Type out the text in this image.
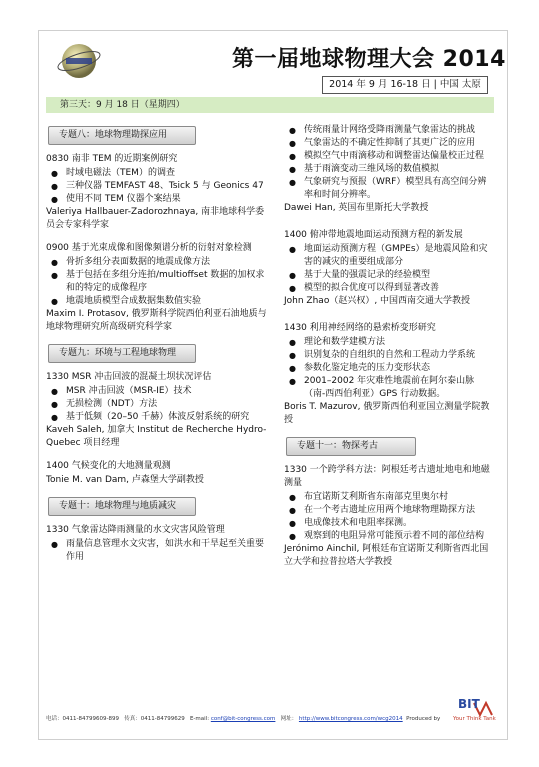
第一届地球物理大会 2014
2014 年 9 月 16-18 日 | 中国 太原
第三天：9 月 18 日（星期四）
专题八：地球物理勘探应用
0830 南非 TEM 的近期案例研究
● 时域电磁法（TEM）的调查
● 三种仪器 TEMFAST 48、Tsick 5 与 Geonics 47
● 使用不同 TEM 仪器个案结果
Valeriya Hallbauer-Zadorozhnaya, 南非地球科学委员会专家科学家
0900 基于光束成像和图像频谱分析的衍射对象检测
● 骨折多组分表面数据的地震成像方法
● 基于包括在多组分连拍/multioffset 数据的加权求和的特定的成像程序
● 地震地质模型合成数据集数值实验
Maxim I. Protasov, 俄罗斯科学院西伯利亚石油地质与地球物理研究所高级研究科学家
专题九：环境与工程地球物理
1330 MSR 冲击回波的混凝土坝状况评估
● MSR 冲击回波（MSR-IE）技术
● 无损检测（NDT）方法
● 基于低频（20–50 千赫）体波反射系统的研究
Kaveh Saleh, 加拿大 Institut de Recherche Hydro-Quebec 项目经理
1400 气候变化的大地测量观测
Tonie M. van Dam, 卢森堡大学副教授
专题十：地球物理与地质减灾
1330 气象雷达降雨测量的水文灾害风险管理
● 雨量信息管理水文灾害，如洪水和干旱起至关重要作用
● 传统雨量计网络受降雨测量气象雷达的挑战
● 气象雷达的不确定性抑制了其更广泛的应用
● 模拟空气中雨滴移动和调整雷达偏量校正过程
● 基于雨滴变动三维风场的数值模拟
● 气象研究与预报（WRF）模型具有高空间分辨率和时间分辨率。
Dawei Han, 英国布里斯托大学教授
1400 俯冲带地震地面运动预测方程的新发展
● 地面运动预测方程（GMPEs）是地震风险和灾害的减灾的重要组成部分
● 基于大量的强震记录的经验模型
● 模型的拟合优度可以得到显著改善
John Zhao（赵兴权）, 中国西南交通大学教授
1430 利用神经网络的悬索桥变形研究
● 理论和数学建模方法
● 识别复杂的自组织的自然和工程动力学系统
● 参数化鉴定地壳的压力变形状态
● 2001–2002 年灾难性地震前在阿尔泰山脉（南-西西伯利亚）GPS 行动数据。
Boris T. Mazurov, 俄罗斯西伯利亚国立测量学院教授
专题十一：物探考古
1330 一个跨学科方法：阿根廷考古遗址地电和地磁测量
● 布宜诺斯艾利斯省东南部克里奥尔村
● 在一个考古遗址应用两个地球物理勘探方法
● 电成像技术和电阻率探测。
● 观察到的电阻异常可能预示着不同的部位结构
Jerónimo Ainchil, 阿根廷布宜诺斯艾利斯省西北国立大学和拉普拉塔大学教授
电话：0411-84799609-899 传真：0411-84799629 E-mail: conf@bit-congress.com 网址： http://www.bitcongress.com/wcg2014 Produced by
BIT
Your Think Tank
